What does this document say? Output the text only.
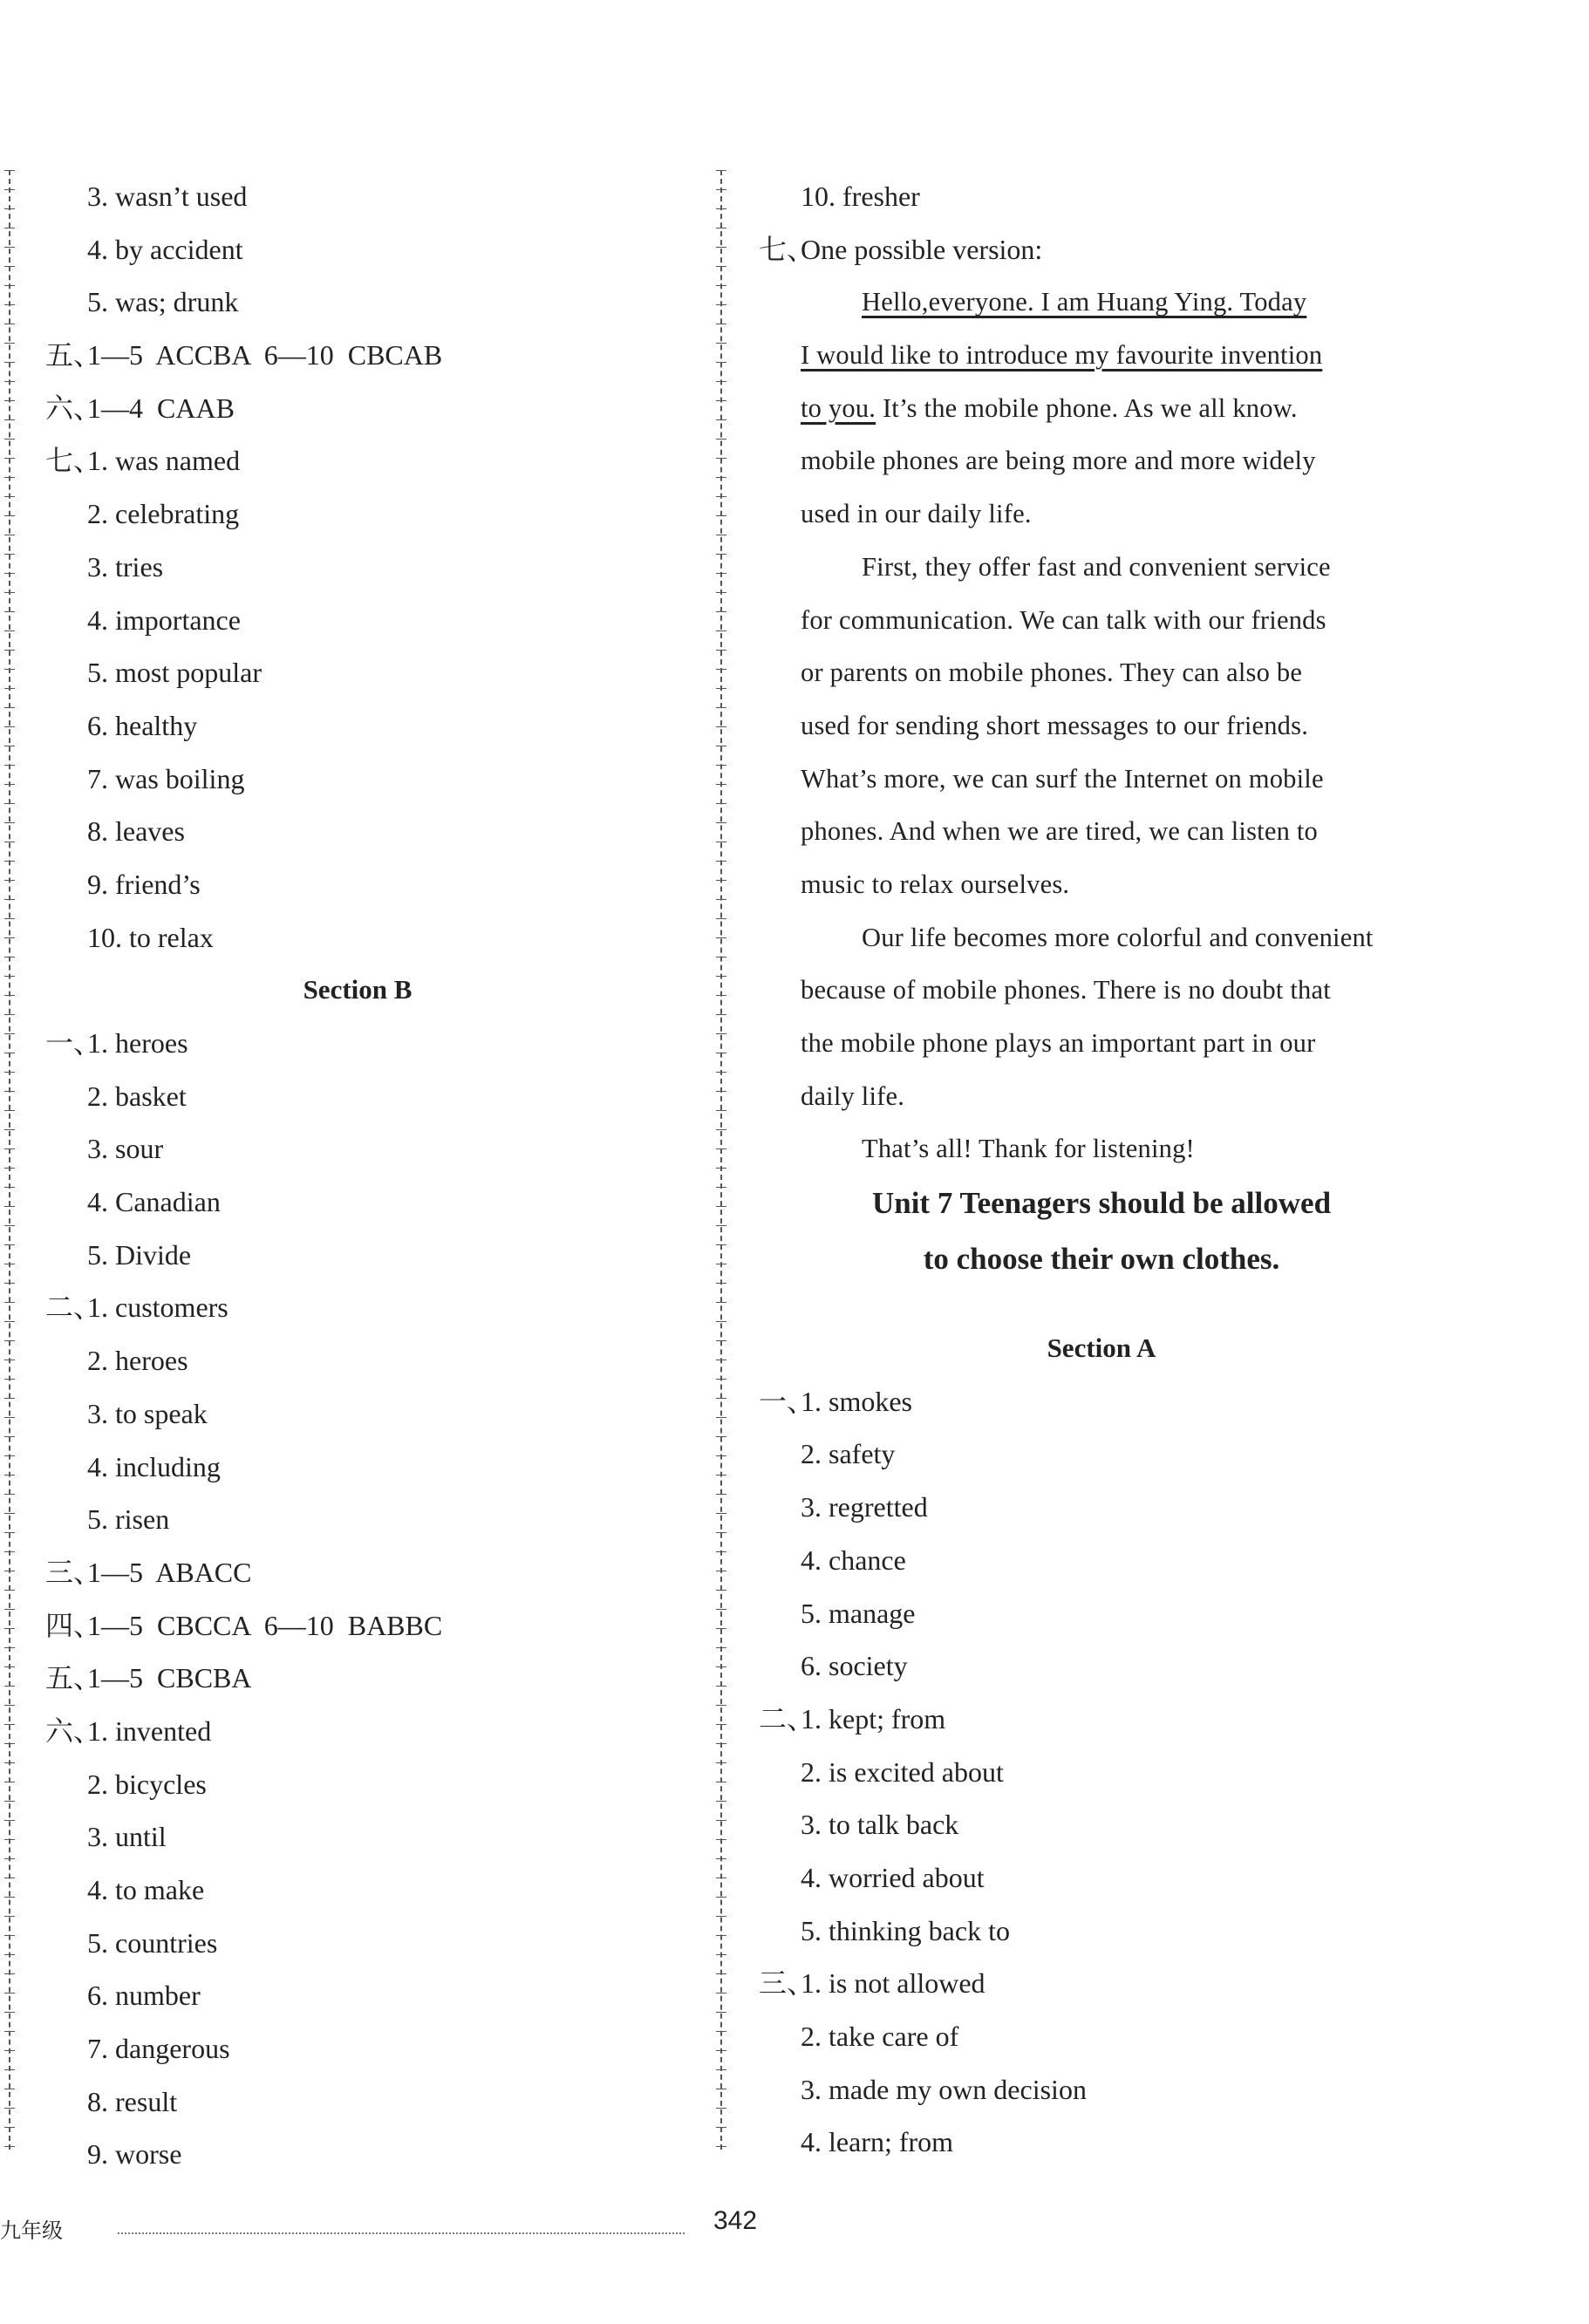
3. wasn’t used
4. by accident
5. was; drunk
五、1—5  ACCBA  6—10  CBCAB
六、1—4  CAAB
七、1. was named
2. celebrating
3. tries
4. importance
5. most popular
6. healthy
7. was boiling
8. leaves
9. friend’s
10. to relax
Section B
一、1. heroes
2. basket
3. sour
4. Canadian
5. Divide
二、1. customers
2. heroes
3. to speak
4. including
5. risen
三、1—5  ABACC
四、1—5  CBCCA  6—10  BABBC
五、1—5  CBCBA
六、1. invented
2. bicycles
3. until
4. to make
5. countries
6. number
7. dangerous
8. result
9. worse
10. fresher
七、One possible version:
Hello,everyone. I am Huang Ying. Today
I would like to introduce my favourite invention
to you. It’s the mobile phone. As we all know.
mobile phones are being more and more widely
used in our daily life.
First, they offer fast and convenient service
for communication. We can talk with our friends
or parents on mobile phones. They can also be
used for sending short messages to our friends.
What’s more, we can surf the Internet on mobile
phones. And when we are tired, we can listen to
music to relax ourselves.
Our life becomes more colorful and convenient
because of mobile phones. There is no doubt that
the mobile phone plays an important part in our
daily life.
That’s all! Thank for listening!
Unit 7 Teenagers should be allowed
to choose their own clothes.
Section A
一、1. smokes
2. safety
3. regretted
4. chance
5. manage
6. society
二、1. kept; from
2. is excited about
3. to talk back
4. worried about
5. thinking back to
三、1. is not allowed
2. take care of
3. made my own decision
4. learn; from
九年级	342
